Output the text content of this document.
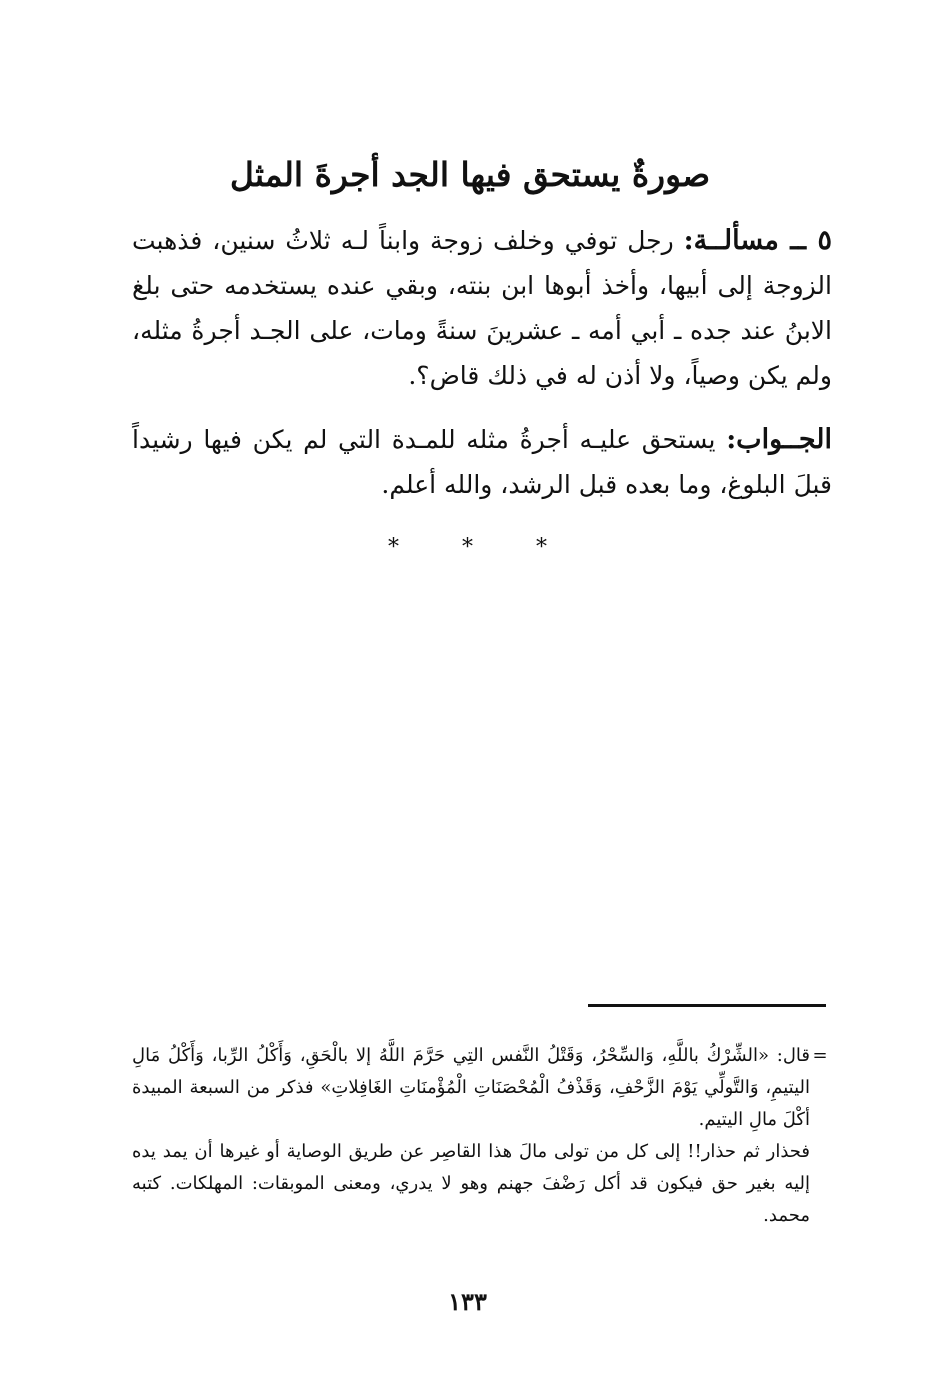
صورةٌ يستحق فيها الجد أجرةَ المثل

٥ ــ مسألــة: رجل توفي وخلف زوجة وابناً لـه ثلاثُ سنين، فذهبت الزوجة إلى أبيها، وأخذ أبوها ابن بنته، وبقي عنده يستخدمه حتى بلغ الابنُ عند جده ـ أبي أمه ـ عشرينَ سنةً ومات، على الجـد أجرةُ مثله، ولم يكن وصياً، ولا أذن له في ذلك قاض؟.

الجــواب: يستحق عليـه أجرةُ مثله للمـدة التي لم يكن فيها رشيداً قبلَ البلوغ، وما بعده قبل الرشد، والله أعلم.

*	*	*
=

قال: «الشِّرْكُ باللَّهِ، وَالسِّحْرُ، وَقَتْلُ النَّفس التِي حَرَّمَ اللَّهُ إلا بالْحَقِ، وَأَكْلُ الرِّبا، وَأَكْلُ مَالِ اليتيمِ، وَالتَّولِّي يَوْمَ الزَّحْفِ، وَقَذْفُ الْمُحْصَنَاتِ الْمُؤْمنَاتِ الغَافِلاتِ» فذكر من السبعة المبيدة أكْلَ مالِ اليتيم.

فحذار ثم حذار!! إلى كل من تولى مالَ هذا القاصِر عن طريق الوصاية أو غيرها أن يمد يده إليه بغير حق فيكون قد أكل رَضْفَ جهنم وهو لا يدري، ومعنى الموبقات: المهلكات. كتبه محمد.

١٣٣
